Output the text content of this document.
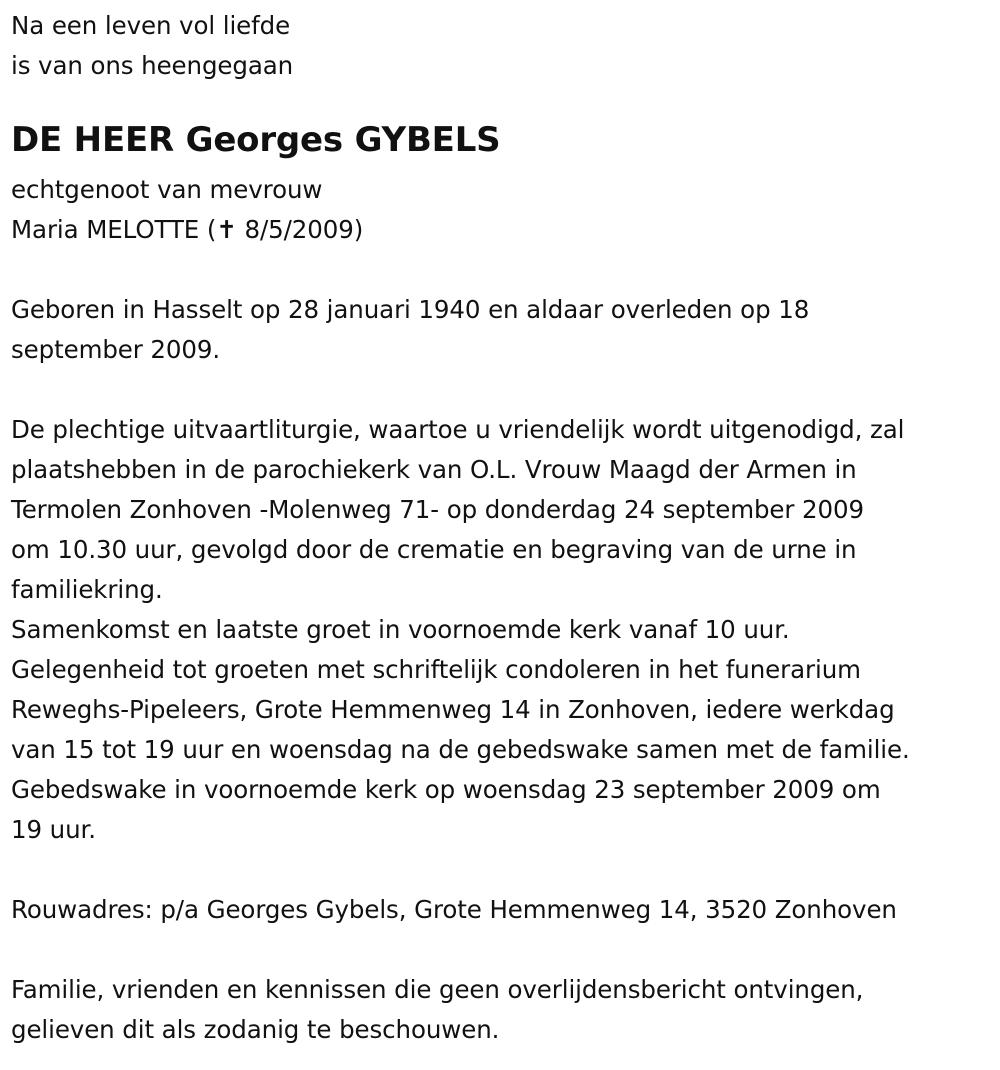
Na een leven vol liefde
is van ons heengegaan
DE HEER Georges GYBELS
echtgenoot van mevrouw
Maria MELOTTE (✝ 8/5/2009)
Geboren in Hasselt op 28 januari 1940 en aldaar overleden op 18
september 2009.
De plechtige uitvaartliturgie, waartoe u vriendelijk wordt uitgenodigd, zal
plaatshebben in de parochiekerk van O.L. Vrouw Maagd der Armen in
Termolen Zonhoven -Molenweg 71- op donderdag 24 september 2009
om 10.30 uur, gevolgd door de crematie en begraving van de urne in
familiekring.
Samenkomst en laatste groet in voornoemde kerk vanaf 10 uur.
Gelegenheid tot groeten met schriftelijk condoleren in het funerarium
Reweghs-Pipeleers, Grote Hemmenweg 14 in Zonhoven, iedere werkdag
van 15 tot 19 uur en woensdag na de gebedswake samen met de familie.
Gebedswake in voornoemde kerk op woensdag 23 september 2009 om
19 uur.
Rouwadres: p/a Georges Gybels, Grote Hemmenweg 14, 3520 Zonhoven
Familie, vrienden en kennissen die geen overlijdensbericht ontvingen,
gelieven dit als zodanig te beschouwen.
